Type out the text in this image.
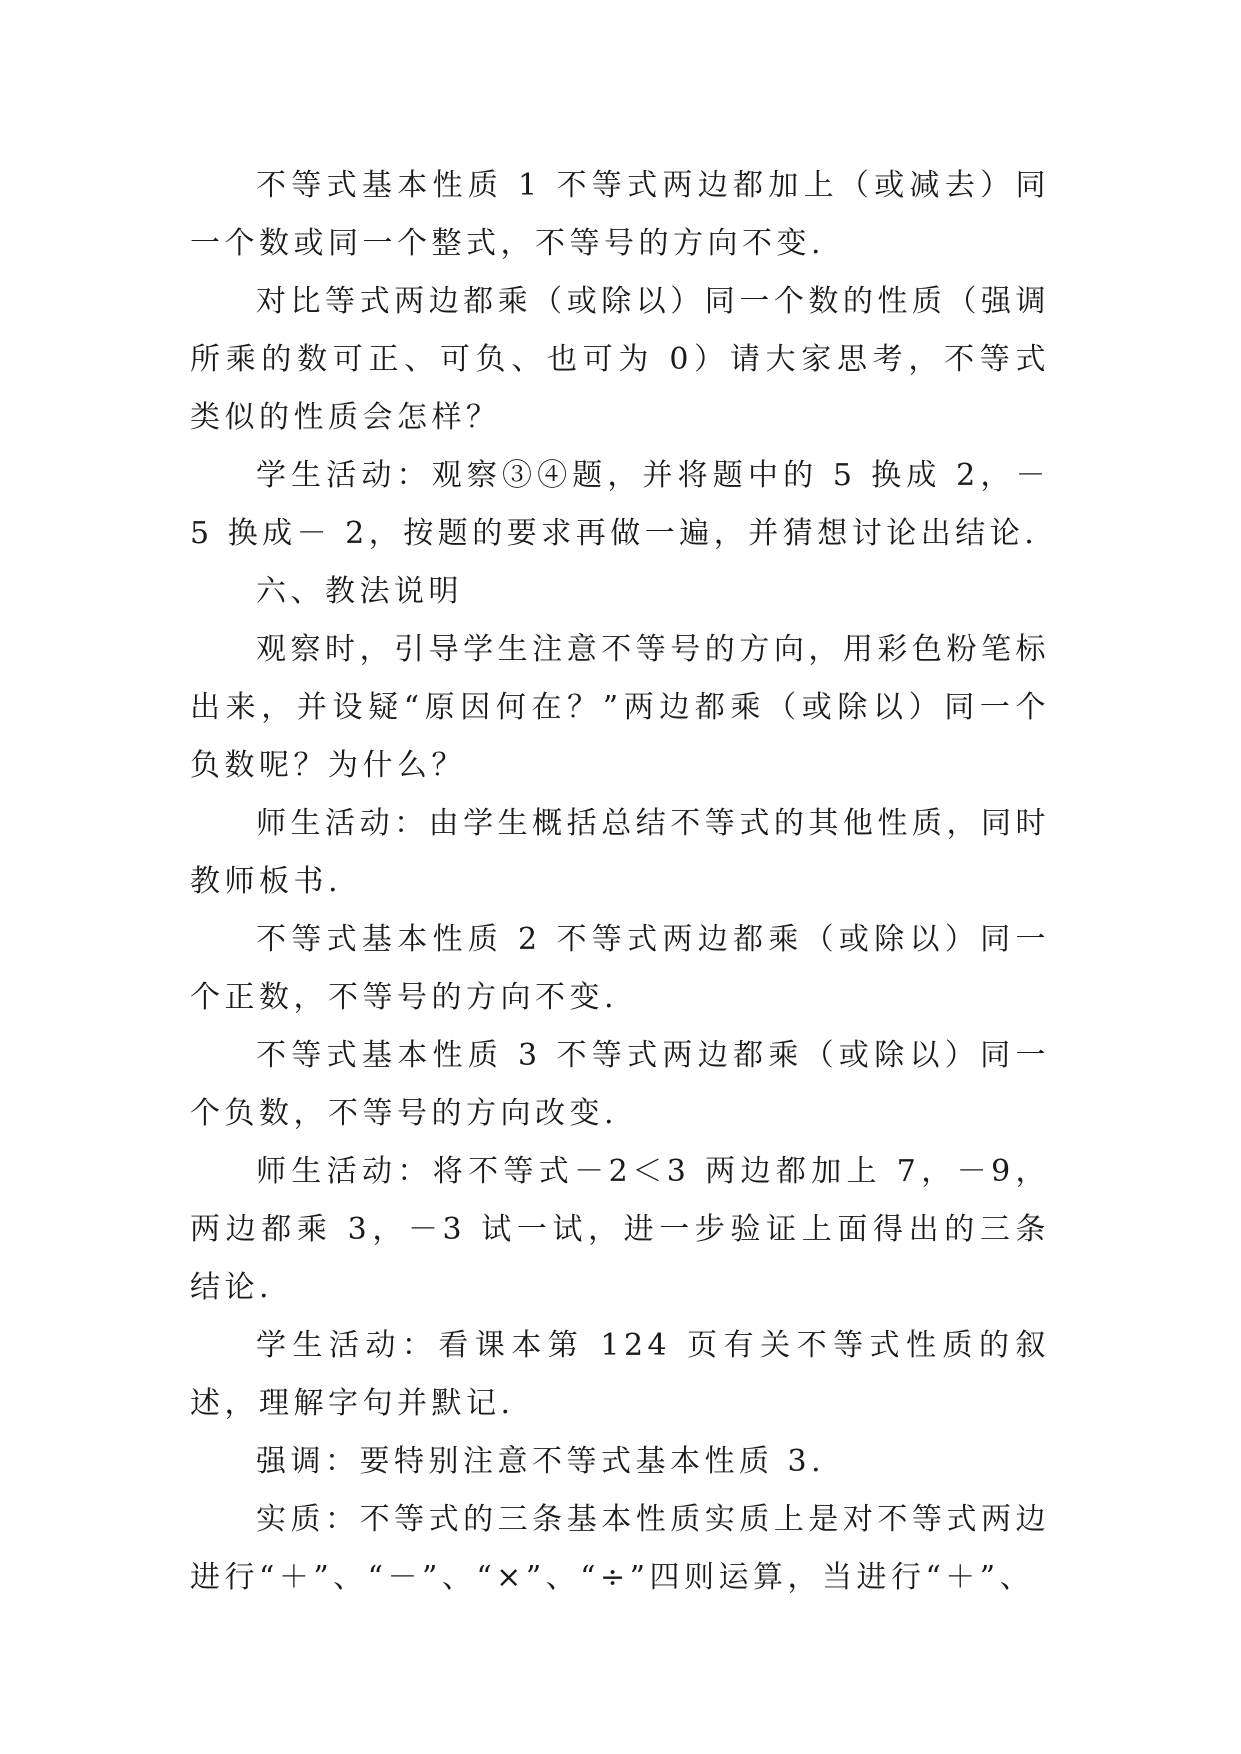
不等式基本性质 1 不等式两边都加上（或减去）同一个数或同一个整式，不等号的方向不变.

对比等式两边都乘（或除以）同一个数的性质（强调所乘的数可正、可负、也可为 0）请大家思考，不等式类似的性质会怎样？

学生活动：观察③④题，并将题中的 5 换成 2，－5 换成－ 2，按题的要求再做一遍，并猜想讨论出结论.

六、教法说明

观察时，引导学生注意不等号的方向，用彩色粉笔标出来，并设疑“原因何在？”两边都乘（或除以）同一个负数呢？为什么？

师生活动：由学生概括总结不等式的其他性质，同时教师板书.

不等式基本性质 2 不等式两边都乘（或除以）同一个正数，不等号的方向不变.

不等式基本性质 3 不等式两边都乘（或除以）同一个负数，不等号的方向改变.

师生活动：将不等式－2＜3 两边都加上 7，－9，两边都乘 3，－3 试一试，进一步验证上面得出的三条结论.

学生活动：看课本第 124 页有关不等式性质的叙述，理解字句并默记.

强调：要特别注意不等式基本性质 3.

实质：不等式的三条基本性质实质上是对不等式两边进行“＋”、“－”、“×”、“÷”四则运算，当进行“＋”、
